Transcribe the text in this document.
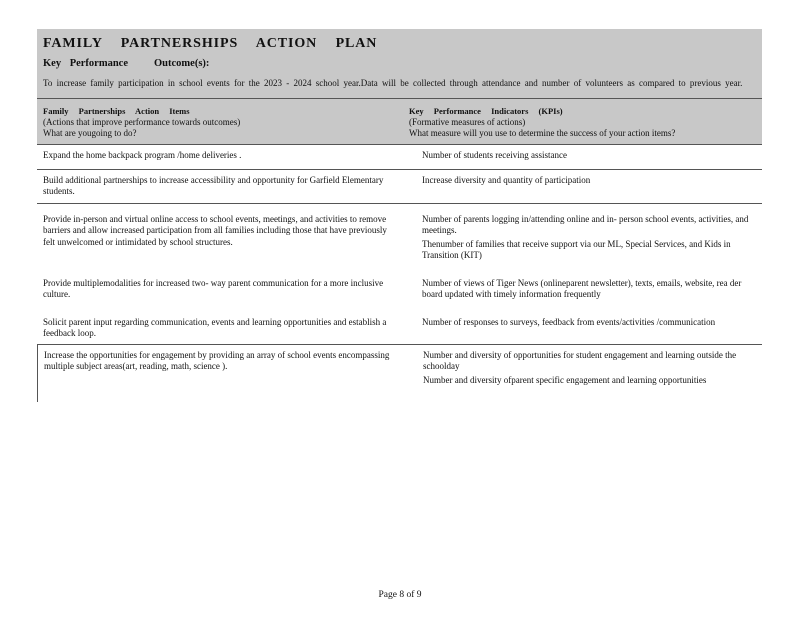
FAMILY PARTNERSHIPS ACTION PLAN
Key Performance Outcome(s):
To increase family participation in school events for the 2023 - 2024 school year.Data will be collected through attendance and number of volunteers as compared to previous year.
Family Partnerships Action Items
(Actions that improve performance towards outcomes)
What are yougoing to do?
Key Performance Indicators (KPIs)
(Formative measures of actions)
What measure will you use to determine the success of your action items?
Expand the home backpack program /home deliveries .	Number of students receiving assistance
Build additional partnerships to increase accessibility and opportunity for Garfield Elementary students.
Increase diversity and quantity of participation
Provide in-person and virtual online access to school events, meetings, and activities to remove barriers and allow increased participation from all families including those that have previously felt unwelcomed or intimidated by school structures.
Number of parents logging in/attending online and in- person school events, activities, and meetings.
Thenumber of families that receive support via our ML, Special Services, and Kids in Transition (KIT)
Provide multiplemodalities for increased two- way parent communication for a more inclusive culture.
Number of views of Tiger News (onlineparent newsletter), texts, emails, website, rea der board updated with timely information frequently
Solicit parent input regarding communication, events and learning opportunities and establish a feedback loop.
Number of responses to surveys, feedback from events/activities /communication
Increase the opportunities for engagement by providing an array of school events encompassing multiple subject areas(art, reading, math, science ).
Number and diversity of opportunities for student engagement and learning outside the schoolday
Number and diversity ofparent specific engagement and learning opportunities
Page 8 of 9
